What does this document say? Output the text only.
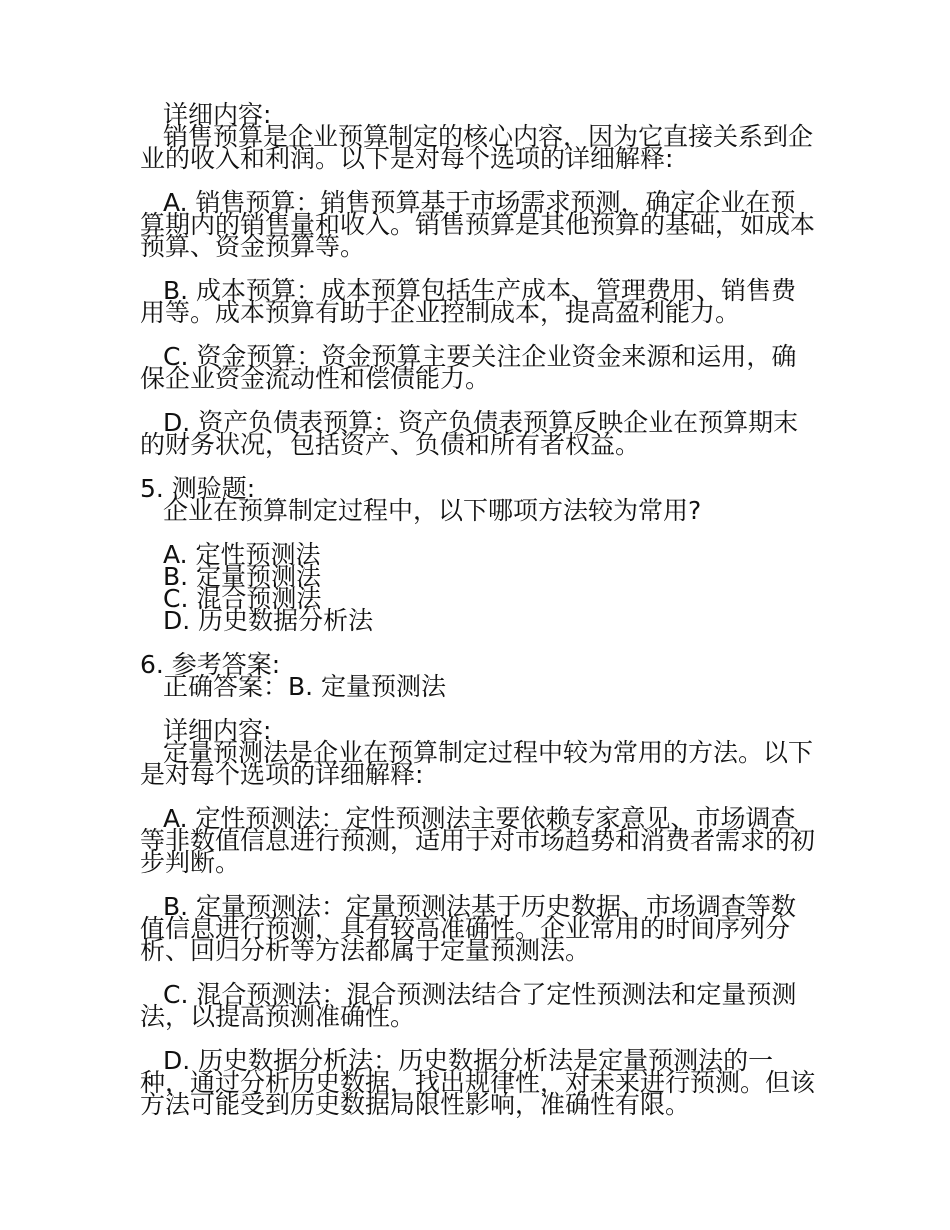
详细内容:
销售预算是企业预算制定的核心内容，因为它直接关系到企
业的收入和利润。以下是对每个选项的详细解释:
A. 销售预算：销售预算基于市场需求预测，确定企业在预
算期内的销售量和收入。销售预算是其他预算的基础，如成本
预算、资金预算等。
B. 成本预算：成本预算包括生产成本、管理费用、销售费
用等。成本预算有助于企业控制成本，提高盈利能力。
C. 资金预算：资金预算主要关注企业资金来源和运用，确
保企业资金流动性和偿债能力。
D. 资产负债表预算：资产负债表预算反映企业在预算期末
的财务状况，包括资产、负债和所有者权益。
5. 测验题:
企业在预算制定过程中，以下哪项方法较为常用?
A. 定性预测法
B. 定量预测法
C. 混合预测法
D. 历史数据分析法
6. 参考答案:
正确答案：B. 定量预测法
详细内容:
定量预测法是企业在预算制定过程中较为常用的方法。以下
是对每个选项的详细解释:
A. 定性预测法：定性预测法主要依赖专家意见、市场调查
等非数值信息进行预测，适用于对市场趋势和消费者需求的初
步判断。
B. 定量预测法：定量预测法基于历史数据、市场调查等数
值信息进行预测，具有较高准确性。企业常用的时间序列分
析、回归分析等方法都属于定量预测法。
C. 混合预测法：混合预测法结合了定性预测法和定量预测
法，以提高预测准确性。
D. 历史数据分析法：历史数据分析法是定量预测法的一
种，通过分析历史数据，找出规律性，对未来进行预测。但该
方法可能受到历史数据局限性影响，准确性有限。
